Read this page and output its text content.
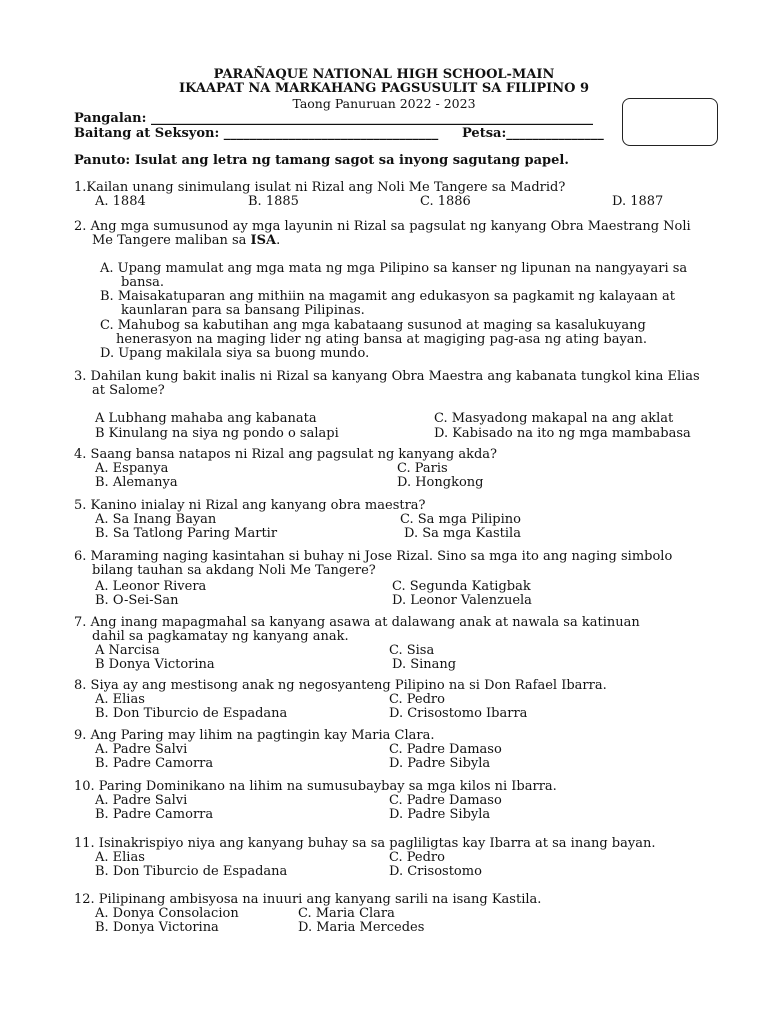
PARAÑAQUE NATIONAL HIGH SCHOOL-MAIN
IKAAPAT NA MARKAHANG PAGSUSULIT SA FILIPINO 9
Taong Panuruan 2022 - 2023
Pangalan: ____________________________________________________________________
Baitang at Seksyon: _________________________________ Petsa:_______________
Panuto: Isulat ang letra ng tamang sagot sa inyong sagutang papel.
1.Kailan unang sinimulang isulat ni Rizal ang Noli Me Tangere sa Madrid?
A. 1884	B. 1885	C. 1886	D. 1887
2. Ang mga sumusunod ay mga layunin ni Rizal sa pagsulat ng kanyang Obra Maestrang Noli
Me Tangere maliban sa ISA.
A. Upang mamulat ang mga mata ng mga Pilipino sa kanser ng lipunan na nangyayari sa
bansa.
B. Maisakatuparan ang mithiin na magamit ang edukasyon sa pagkamit ng kalayaan at
kaunlaran para sa bansang Pilipinas.
C. Mahubog sa kabutihan ang mga kabataang susunod at maging sa kasalukuyang
henerasyon na maging lider ng ating bansa at magiging pag-asa ng ating bayan.
D. Upang makilala siya sa buong mundo.
3. Dahilan kung bakit inalis ni Rizal sa kanyang Obra Maestra ang kabanata tungkol kina Elias
at Salome?
A Lubhang mahaba ang kabanata
B Kinulang na siya ng pondo o salapi
C. Masyadong makapal na ang aklat
D. Kabisado na ito ng mga mambabasa
4. Saang bansa natapos ni Rizal ang pagsulat ng kanyang akda?
A. Espanya
B. Alemanya
C. Paris
D. Hongkong
5. Kanino inialay ni Rizal ang kanyang obra maestra?
A. Sa Inang Bayan
B. Sa Tatlong Paring Martir
C. Sa mga Pilipino
D. Sa mga Kastila
6. Maraming naging kasintahan si buhay ni Jose Rizal. Sino sa mga ito ang naging simbolo
bilang tauhan sa akdang Noli Me Tangere?
A. Leonor Rivera
B. O-Sei-San
C. Segunda Katigbak
D. Leonor Valenzuela
7. Ang inang mapagmahal sa kanyang asawa at dalawang anak at nawala sa katinuan
dahil sa pagkamatay ng kanyang anak.
A Narcisa
B Donya Victorina
C. Sisa
D. Sinang
8. Siya ay ang mestisong anak ng negosyanteng Pilipino na si Don Rafael Ibarra.
A. Elias
B. Don Tiburcio de Espadana
C. Pedro
D. Crisostomo Ibarra
9. Ang Paring may lihim na pagtingin kay Maria Clara.
A. Padre Salvi
B. Padre Camorra
C. Padre Damaso
D. Padre Sibyla
10. Paring Dominikano na lihim na sumusubaybay sa mga kilos ni Ibarra.
A. Padre Salvi
B. Padre Camorra
C. Padre Damaso
D. Padre Sibyla
11. Isinakrispiyo niya ang kanyang buhay sa sa pagliligtas kay Ibarra at sa inang bayan.
A. Elias
B. Don Tiburcio de Espadana
C. Pedro
D. Crisostomo
12. Pilipinang ambisyosa na inuuri ang kanyang sarili na isang Kastila.
A. Donya Consolacion
B. Donya Victorina
C. Maria Clara
D. Maria Mercedes
